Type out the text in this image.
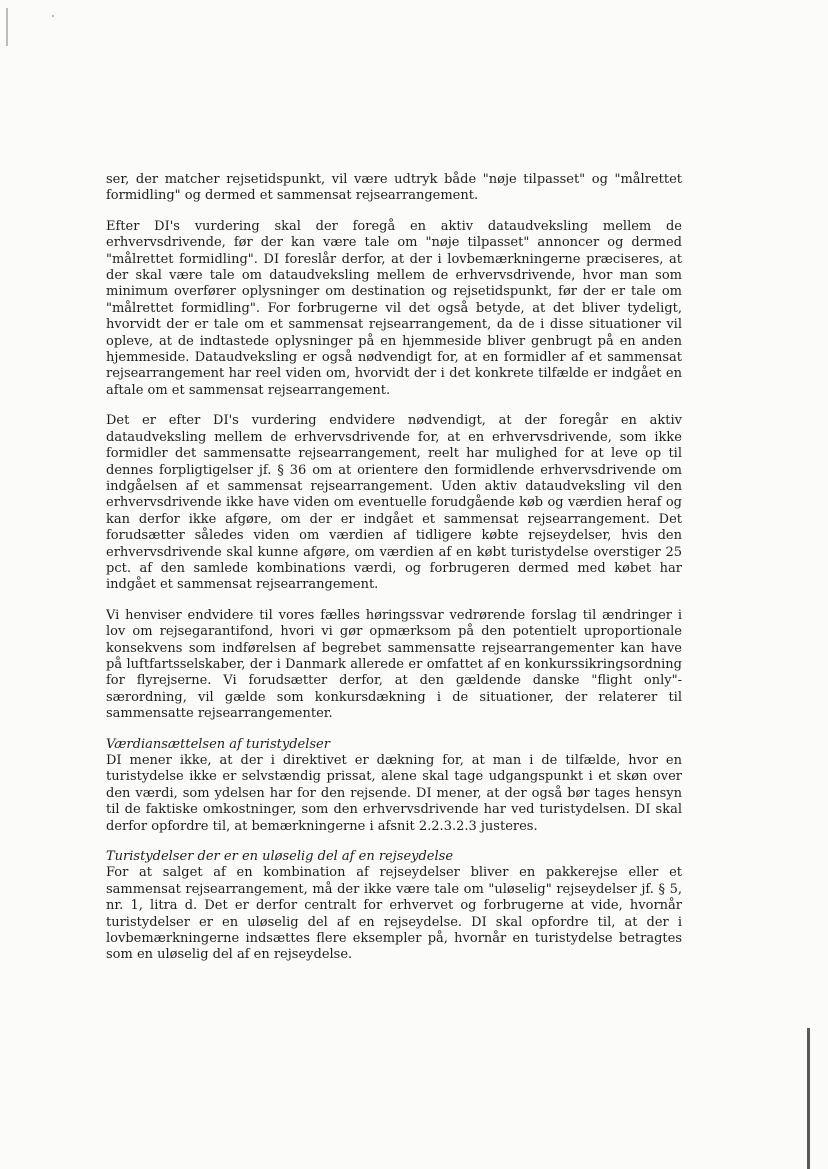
ser, der matcher rejsetidspunkt, vil være udtryk både "nøje tilpasset" og "målrettet formidling" og dermed et sammensat rejsearrangement.

Efter DI's vurdering skal der foregå en aktiv dataudveksling mellem de erhvervsdrivende, før der kan være tale om "nøje tilpasset" annoncer og dermed "målrettet formidling". DI foreslår derfor, at der i lovbemærkningerne præciseres, at der skal være tale om dataudveksling mellem de erhvervsdrivende, hvor man som minimum overfører oplysninger om destination og rejsetidspunkt, før der er tale om "målrettet formidling". For forbrugerne vil det også betyde, at det bliver tydeligt, hvorvidt der er tale om et sammensat rejsearrangement, da de i disse situationer vil opleve, at de indtastede oplysninger på en hjemmeside bliver genbrugt på en anden hjemmeside. Dataudveksling er også nødvendigt for, at en formidler af et sammensat rejsearrangement har reel viden om, hvorvidt der i det konkrete tilfælde er indgået en aftale om et sammensat rejsearrangement.

Det er efter DI's vurdering endvidere nødvendigt, at der foregår en aktiv dataudveksling mellem de erhvervsdrivende for, at en erhvervsdrivende, som ikke formidler det sammensatte rejsearrangement, reelt har mulighed for at leve op til dennes forpligtigelser jf. § 36 om at orientere den formidlende erhvervsdrivende om indgåelsen af et sammensat rejsearrangement. Uden aktiv dataudveksling vil den erhvervsdrivende ikke have viden om eventuelle forudgående køb og værdien heraf og kan derfor ikke afgøre, om der er indgået et sammensat rejsearrangement. Det forudsætter således viden om værdien af tidligere købte rejseydelser, hvis den erhvervsdrivende skal kunne afgøre, om værdien af en købt turistydelse overstiger 25 pct. af den samlede kombinations værdi, og forbrugeren dermed med købet har indgået et sammensat rejsearrangement.

Vi henviser endvidere til vores fælles høringssvar vedrørende forslag til ændringer i lov om rejsegarantifond, hvori vi gør opmærksom på den potentielt uproportionale konsekvens som indførelsen af begrebet sammensatte rejsearrangementer kan have på luftfartsselskaber, der i Danmark allerede er omfattet af en konkurssikringsordning for flyrejserne. Vi forudsætter derfor, at den gældende danske "flight only"-særordning, vil gælde som konkursdækning i de situationer, der relaterer til sammensatte rejsearrangementer.

Værdiansættelsen af turistydelser

DI mener ikke, at der i direktivet er dækning for, at man i de tilfælde, hvor en turistydelse ikke er selvstændig prissat, alene skal tage udgangspunkt i et skøn over den værdi, som ydelsen har for den rejsende. DI mener, at der også bør tages hensyn til de faktiske omkostninger, som den erhvervsdrivende har ved turistydelsen. DI skal derfor opfordre til, at bemærkningerne i afsnit 2.2.3.2.3 justeres.

Turistydelser der er en uløselig del af en rejseydelse

For at salget af en kombination af rejseydelser bliver en pakkerejse eller et sammensat rejsearrangement, må der ikke være tale om "uløselig" rejseydelser jf. § 5, nr. 1, litra d. Det er derfor centralt for erhvervet og forbrugerne at vide, hvornår turistydelser er en uløselig del af en rejseydelse. DI skal opfordre til, at der i lovbemærkningerne indsættes flere eksempler på, hvornår en turistydelse betragtes som en uløselig del af en rejseydelse.
